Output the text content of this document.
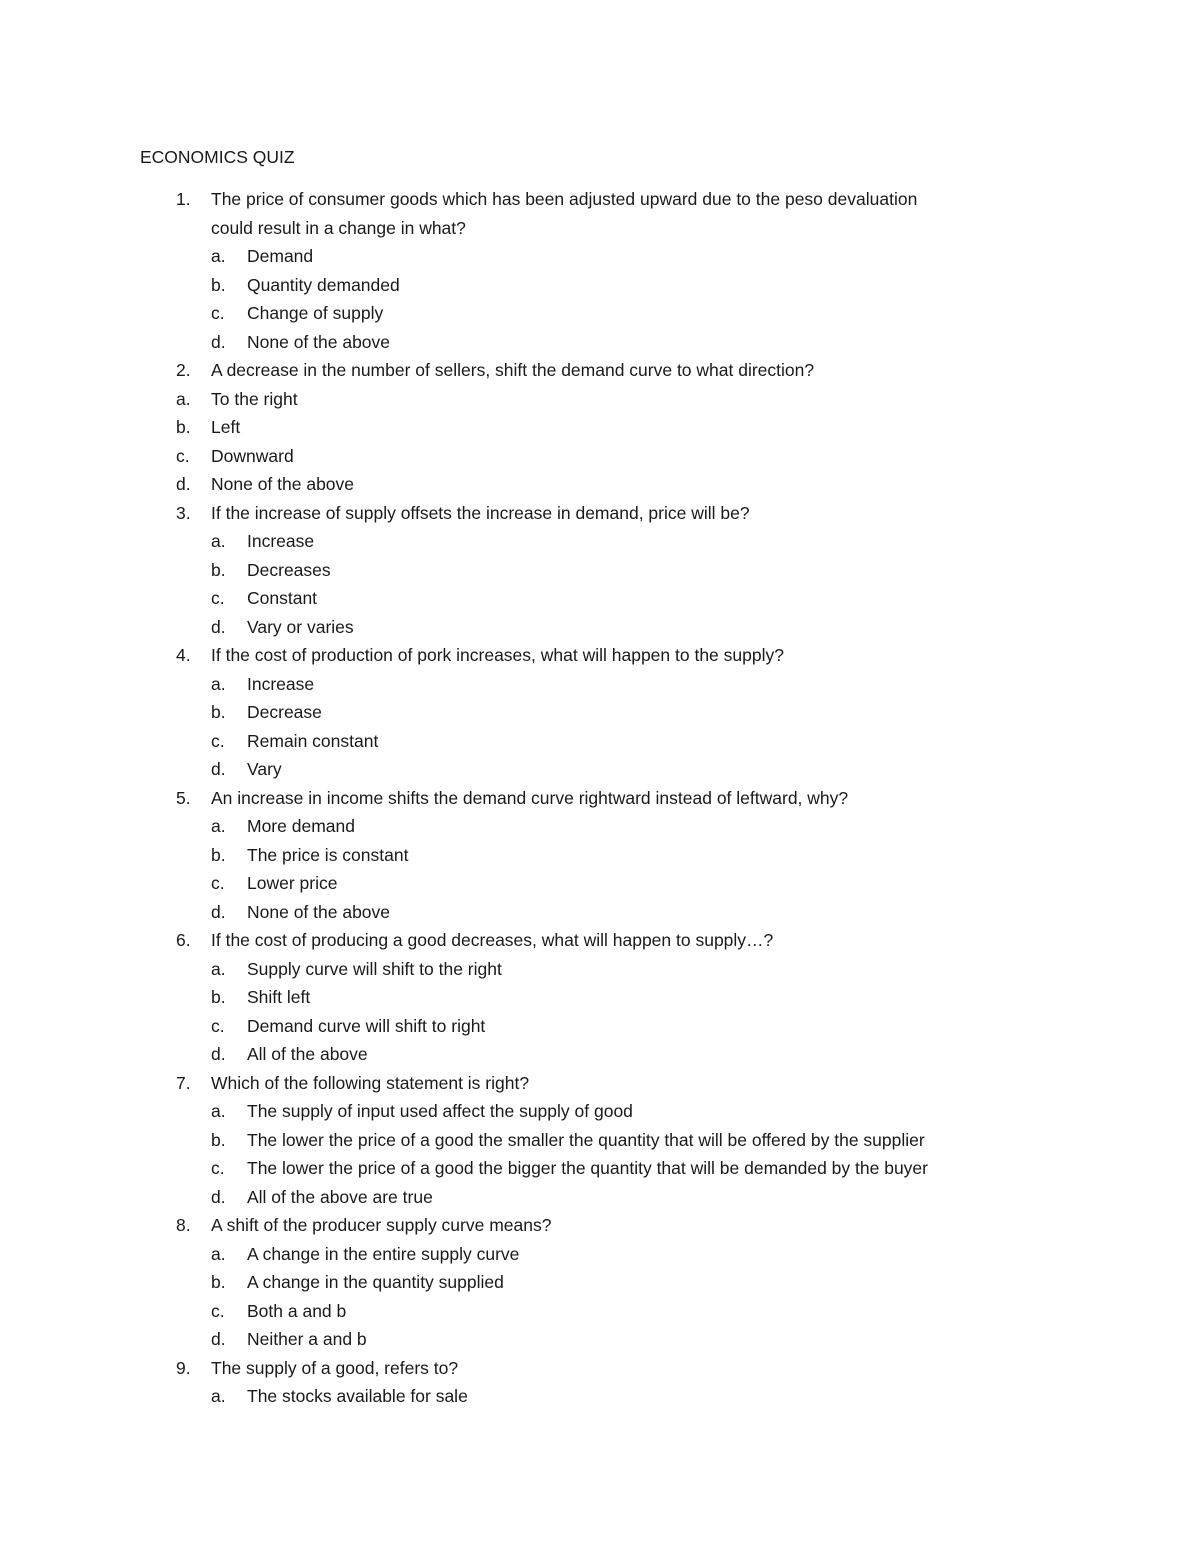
ECONOMICS QUIZ
1. The price of consumer goods which has been adjusted upward due to the peso devaluation
could result in a change in what?
a. Demand
b. Quantity demanded
c. Change of supply
d. None of the above
2. A decrease in the number of sellers, shift the demand curve to what direction?
a. To the right
b. Left
c. Downward
d. None of the above
3. If the increase of supply offsets the increase in demand, price will be?
a. Increase
b. Decreases
c. Constant
d. Vary or varies
4. If the cost of production of pork increases, what will happen to the supply?
a. Increase
b. Decrease
c. Remain constant
d. Vary
5. An increase in income shifts the demand curve rightward instead of leftward, why?
a. More demand
b. The price is constant
c. Lower price
d. None of the above
6. If the cost of producing a good decreases, what will happen to supply…?
a. Supply curve will shift to the right
b. Shift left
c. Demand curve will shift to right
d. All of the above
7. Which of the following statement is right?
a. The supply of input used affect the supply of good
b. The lower the price of a good the smaller the quantity that will be offered by the supplier
c. The lower the price of a good the bigger the quantity that will be demanded by the buyer
d. All of the above are true
8. A shift of the producer supply curve means?
a. A change in the entire supply curve
b. A change in the quantity supplied
c. Both a and b
d. Neither a and b
9. The supply of a good, refers to?
a. The stocks available for sale
